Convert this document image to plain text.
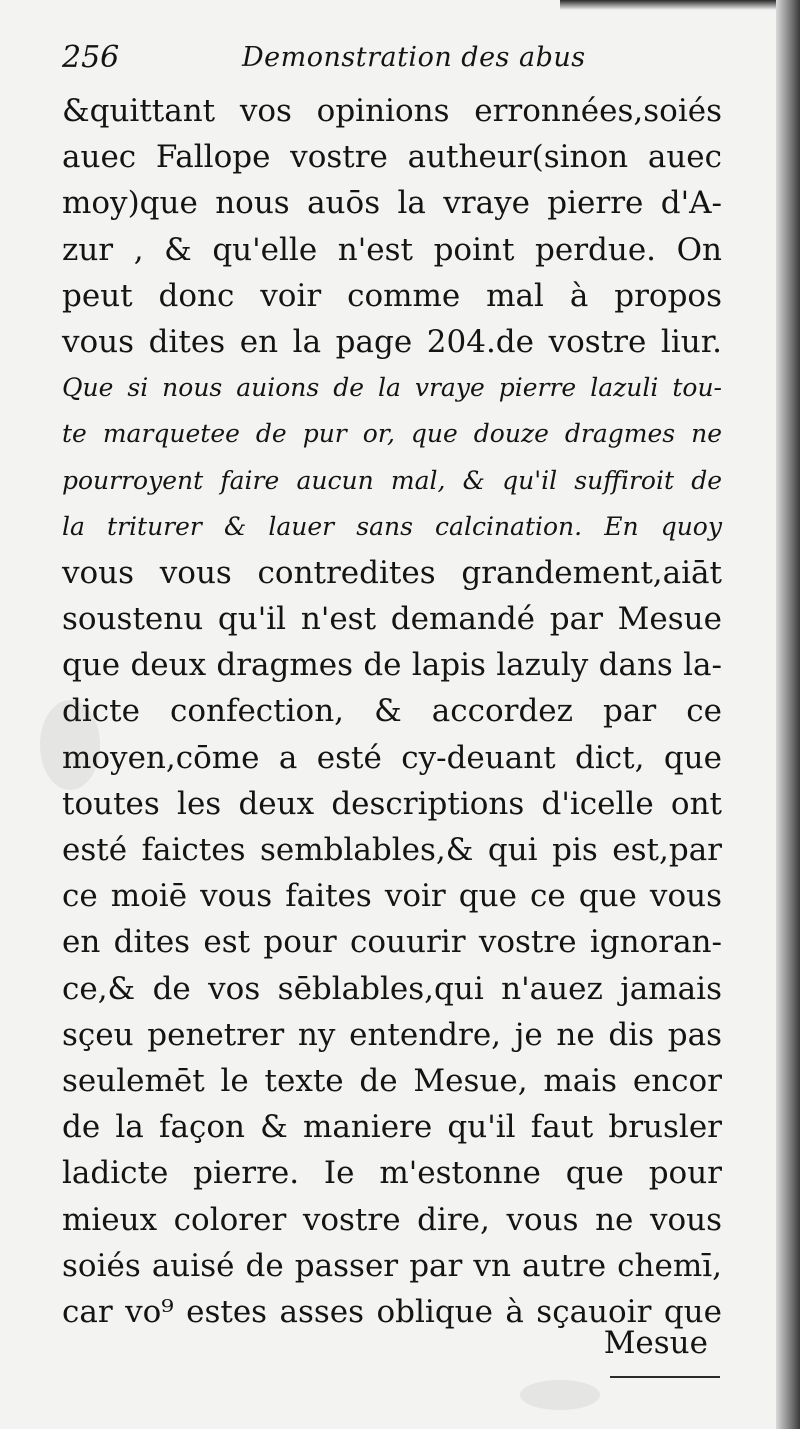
256	Demonstration des abus
&quittant vos opinions erronnées,soiés
auec Fallope vostre autheur(sinon auec
moy)que nous auōs la vraye pierre d'A-
zur , & qu'elle n'est point perdue. On
peut donc voir comme mal à propos
vous dites en la page 204.de vostre liur.
Que si nous auions de la vraye pierre lazuli tou-
te marquetee de pur or, que douze dragmes ne
pourroyent faire aucun mal, & qu'il suffiroit de
la triturer & lauer sans calcination. En quoy
vous vous contredites grandement,aiāt
soustenu qu'il n'est demandé par Mesue
que deux dragmes de lapis lazuly dans la-
dicte confection, & accordez par ce
moyen,cōme a esté cy-deuant dict, que
toutes les deux descriptions d'icelle ont
esté faictes semblables,& qui pis est,par
ce moiē vous faites voir que ce que vous
en dites est pour couurir vostre ignoran-
ce,& de vos sēblables,qui n'auez jamais
sçeu penetrer ny entendre, je ne dis pas
seulemēt le texte de Mesue, mais encor
de la façon & maniere qu'il faut brusler
ladicte pierre. Ie m'estonne que pour
mieux colorer vostre dire, vous ne vous
soiés auisé de passer par vn autre chemī,
car vo⁹ estes asses oblique à sçauoir que
Mesue
